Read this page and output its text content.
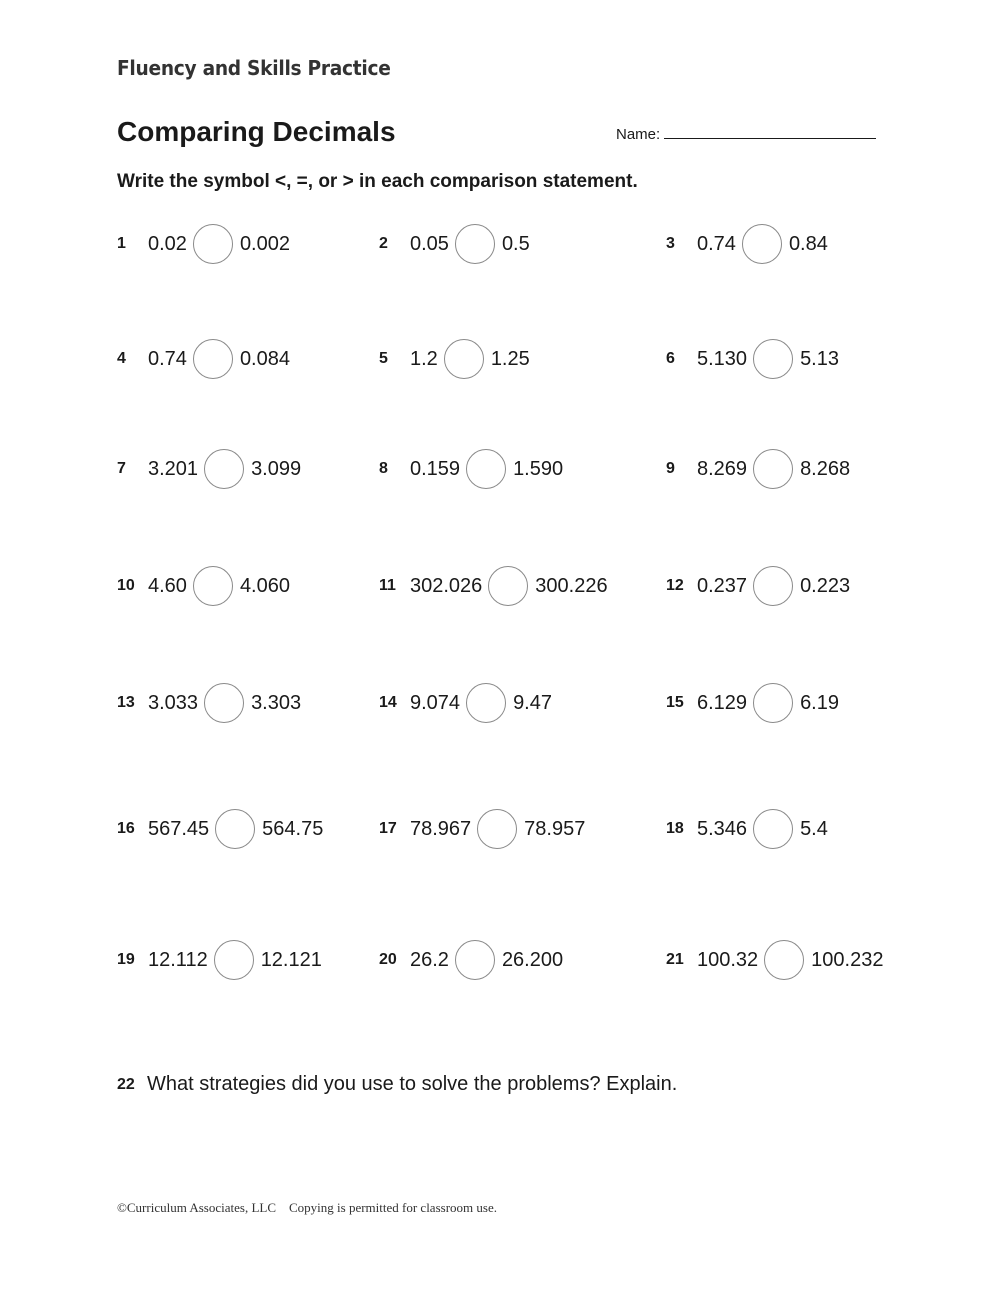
Fluency and Skills Practice
Comparing Decimals	Name:
Write the symbol <, =, or > in each comparison statement.
1	0.02	0.002	2	0.05	0.5	3	0.74	0.84
4	0.74	0.084	5	1.2	1.25	6	5.130	5.13
7	3.201	3.099	8	0.159	1.590	9	8.269	8.268
10 4.60	4.060	11 302.026	300.226	12 0.237	0.223
13 3.033	3.303	14 9.074	9.47	15 6.129	6.19
16 567.45	564.75	17 78.967	78.957	18 5.346	5.4
19 12.112	12.121	20 26.2	26.200	21 100.32	100.232
22 What strategies did you use to solve the problems? Explain.
©Curriculum Associates, LLC    Copying is permitted for classroom use.
